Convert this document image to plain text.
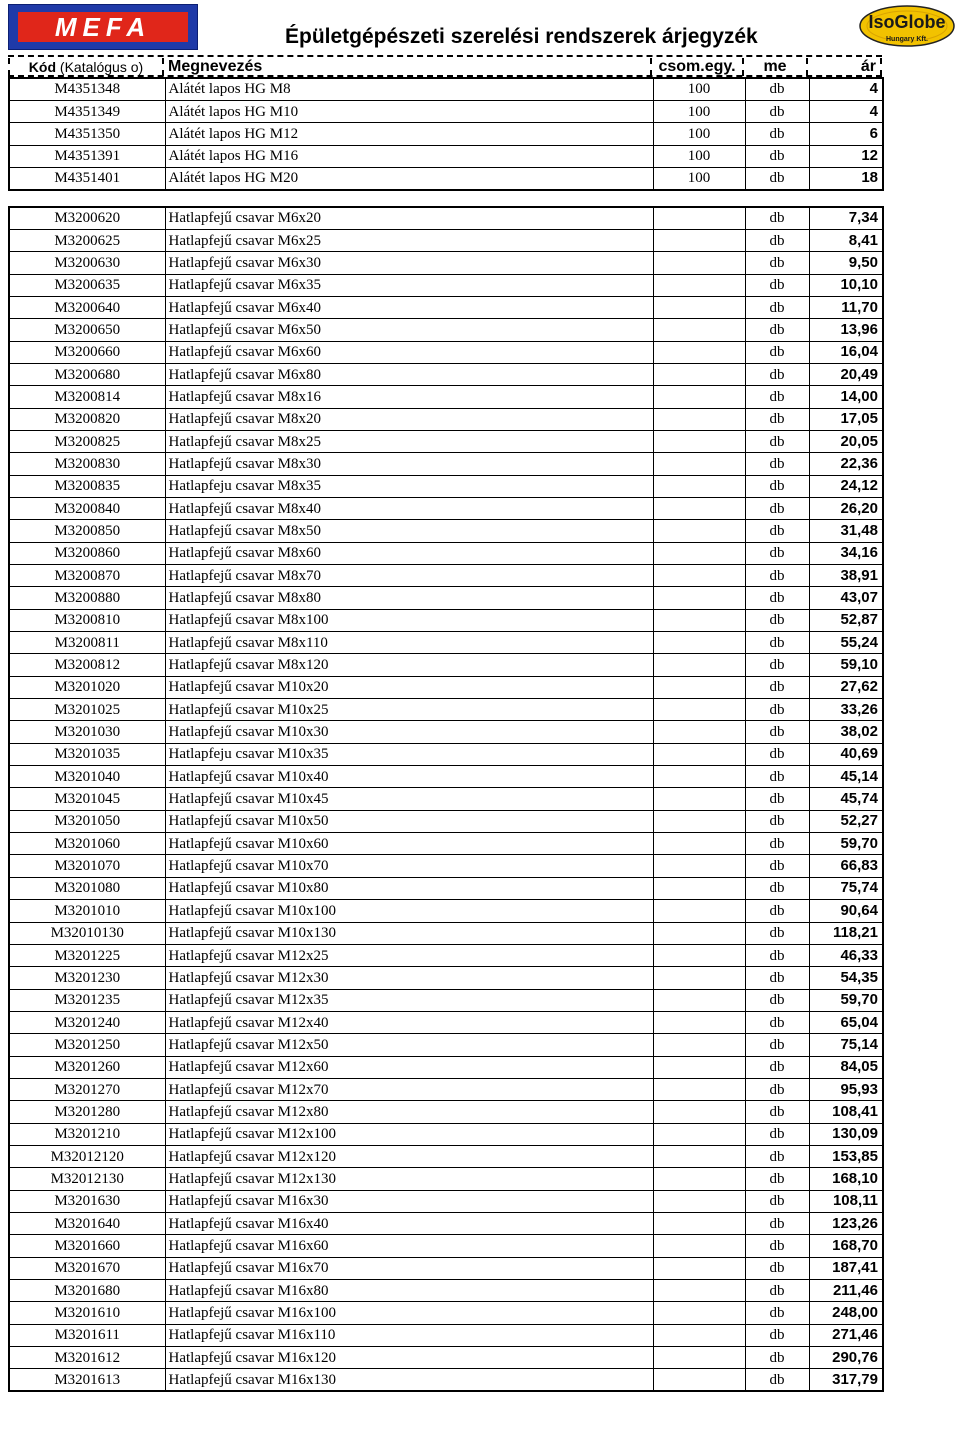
MEFA	Épületgépészeti szerelési rendszerek árjegyzék
IsoGlobe
Hungary Kft.
Kód (Katalógus o)	Megnevezés	csom.egy.	me	ár
M4351348	Alátét lapos HG M8	100	db	4
M4351349	Alátét lapos HG M10	100	db	4
M4351350	Alátét lapos HG M12	100	db	6
M4351391	Alátét lapos HG M16	100	db	12
M4351401	Alátét lapos HG M20	100	db	18
M3200620	Hatlapfejű csavar M6x20		db	7,34
M3200625	Hatlapfejű csavar M6x25		db	8,41
M3200630	Hatlapfejű csavar M6x30		db	9,50
M3200635	Hatlapfejű csavar M6x35		db	10,10
M3200640	Hatlapfejű csavar M6x40		db	11,70
M3200650	Hatlapfejű csavar M6x50		db	13,96
M3200660	Hatlapfejű csavar M6x60		db	16,04
M3200680	Hatlapfejű csavar M6x80		db	20,49
M3200814	Hatlapfejű csavar M8x16		db	14,00
M3200820	Hatlapfejű csavar M8x20		db	17,05
M3200825	Hatlapfejű csavar M8x25		db	20,05
M3200830	Hatlapfejű csavar M8x30		db	22,36
M3200835	Hatlapfeju csavar M8x35		db	24,12
M3200840	Hatlapfejű csavar M8x40		db	26,20
M3200850	Hatlapfejű csavar M8x50		db	31,48
M3200860	Hatlapfejű csavar M8x60		db	34,16
M3200870	Hatlapfejű csavar M8x70		db	38,91
M3200880	Hatlapfejű csavar M8x80		db	43,07
M3200810	Hatlapfejű csavar M8x100		db	52,87
M3200811	Hatlapfejű csavar M8x110		db	55,24
M3200812	Hatlapfejű csavar M8x120		db	59,10
M3201020	Hatlapfejű csavar M10x20		db	27,62
M3201025	Hatlapfejű csavar M10x25		db	33,26
M3201030	Hatlapfejű csavar M10x30		db	38,02
M3201035	Hatlapfeju csavar M10x35		db	40,69
M3201040	Hatlapfejű csavar M10x40		db	45,14
M3201045	Hatlapfejű csavar M10x45		db	45,74
M3201050	Hatlapfejű csavar M10x50		db	52,27
M3201060	Hatlapfejű csavar M10x60		db	59,70
M3201070	Hatlapfejű csavar M10x70		db	66,83
M3201080	Hatlapfejű csavar M10x80		db	75,74
M3201010	Hatlapfejű csavar M10x100		db	90,64
M32010130	Hatlapfejű csavar M10x130		db	118,21
M3201225	Hatlapfejű csavar M12x25		db	46,33
M3201230	Hatlapfejű csavar M12x30		db	54,35
M3201235	Hatlapfejű csavar M12x35		db	59,70
M3201240	Hatlapfejű csavar M12x40		db	65,04
M3201250	Hatlapfejű csavar M12x50		db	75,14
M3201260	Hatlapfejű csavar M12x60		db	84,05
M3201270	Hatlapfejű csavar M12x70		db	95,93
M3201280	Hatlapfejű csavar M12x80		db	108,41
M3201210	Hatlapfejű csavar M12x100		db	130,09
M32012120	Hatlapfejű csavar M12x120		db	153,85
M32012130	Hatlapfejű csavar M12x130		db	168,10
M3201630	Hatlapfejű csavar M16x30		db	108,11
M3201640	Hatlapfejű csavar M16x40		db	123,26
M3201660	Hatlapfejű csavar M16x60		db	168,70
M3201670	Hatlapfejű csavar M16x70		db	187,41
M3201680	Hatlapfejű csavar M16x80		db	211,46
M3201610	Hatlapfejű csavar M16x100		db	248,00
M3201611	Hatlapfejű csavar M16x110		db	271,46
M3201612	Hatlapfejű csavar M16x120		db	290,76
M3201613	Hatlapfejű csavar M16x130		db	317,79
